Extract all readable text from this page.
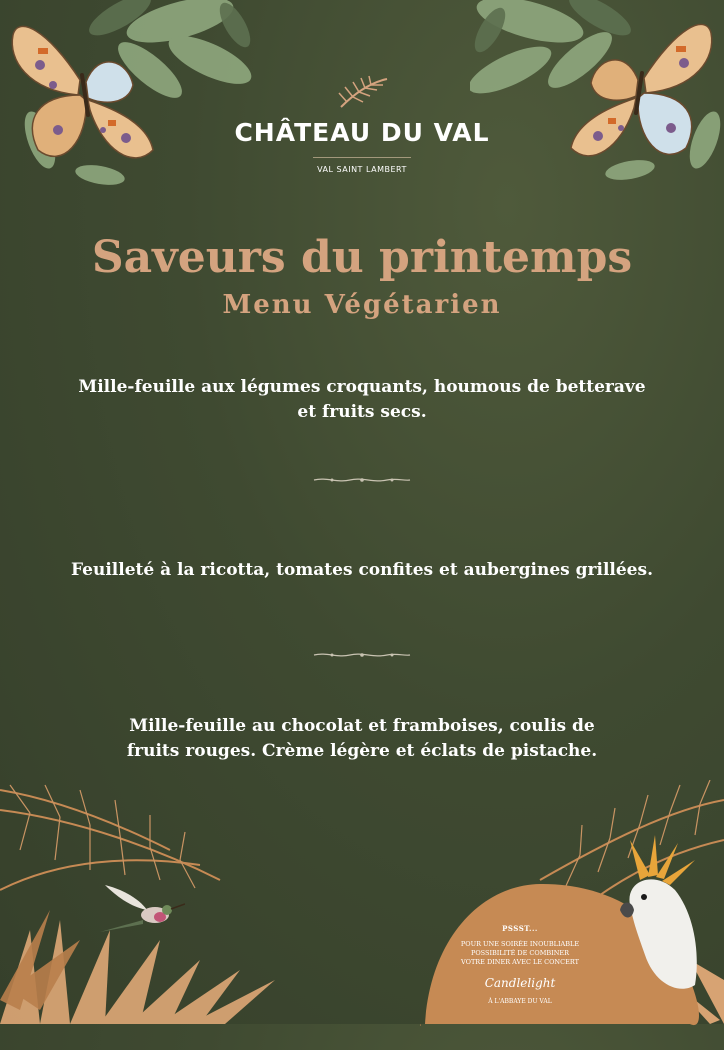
CHÂTEAU DU VAL
VAL SAINT LAMBERT
Saveurs du printemps
Menu Végétarien
Mille-feuille aux légumes croquants, houmous de betterave
et fruits secs.
Feuilleté à la ricotta, tomates confites et aubergines grillées.
Mille-feuille au chocolat et framboises, coulis de
fruits rouges. Crème légère et éclats de pistache.
PSSST...
POUR UNE SOIRÉE INOUBLIABLE
POSSIBILITÉ DE COMBINER
VOTRE DINER AVEC LE CONCERT
Candlelight
À L'ABBAYE DU VAL
